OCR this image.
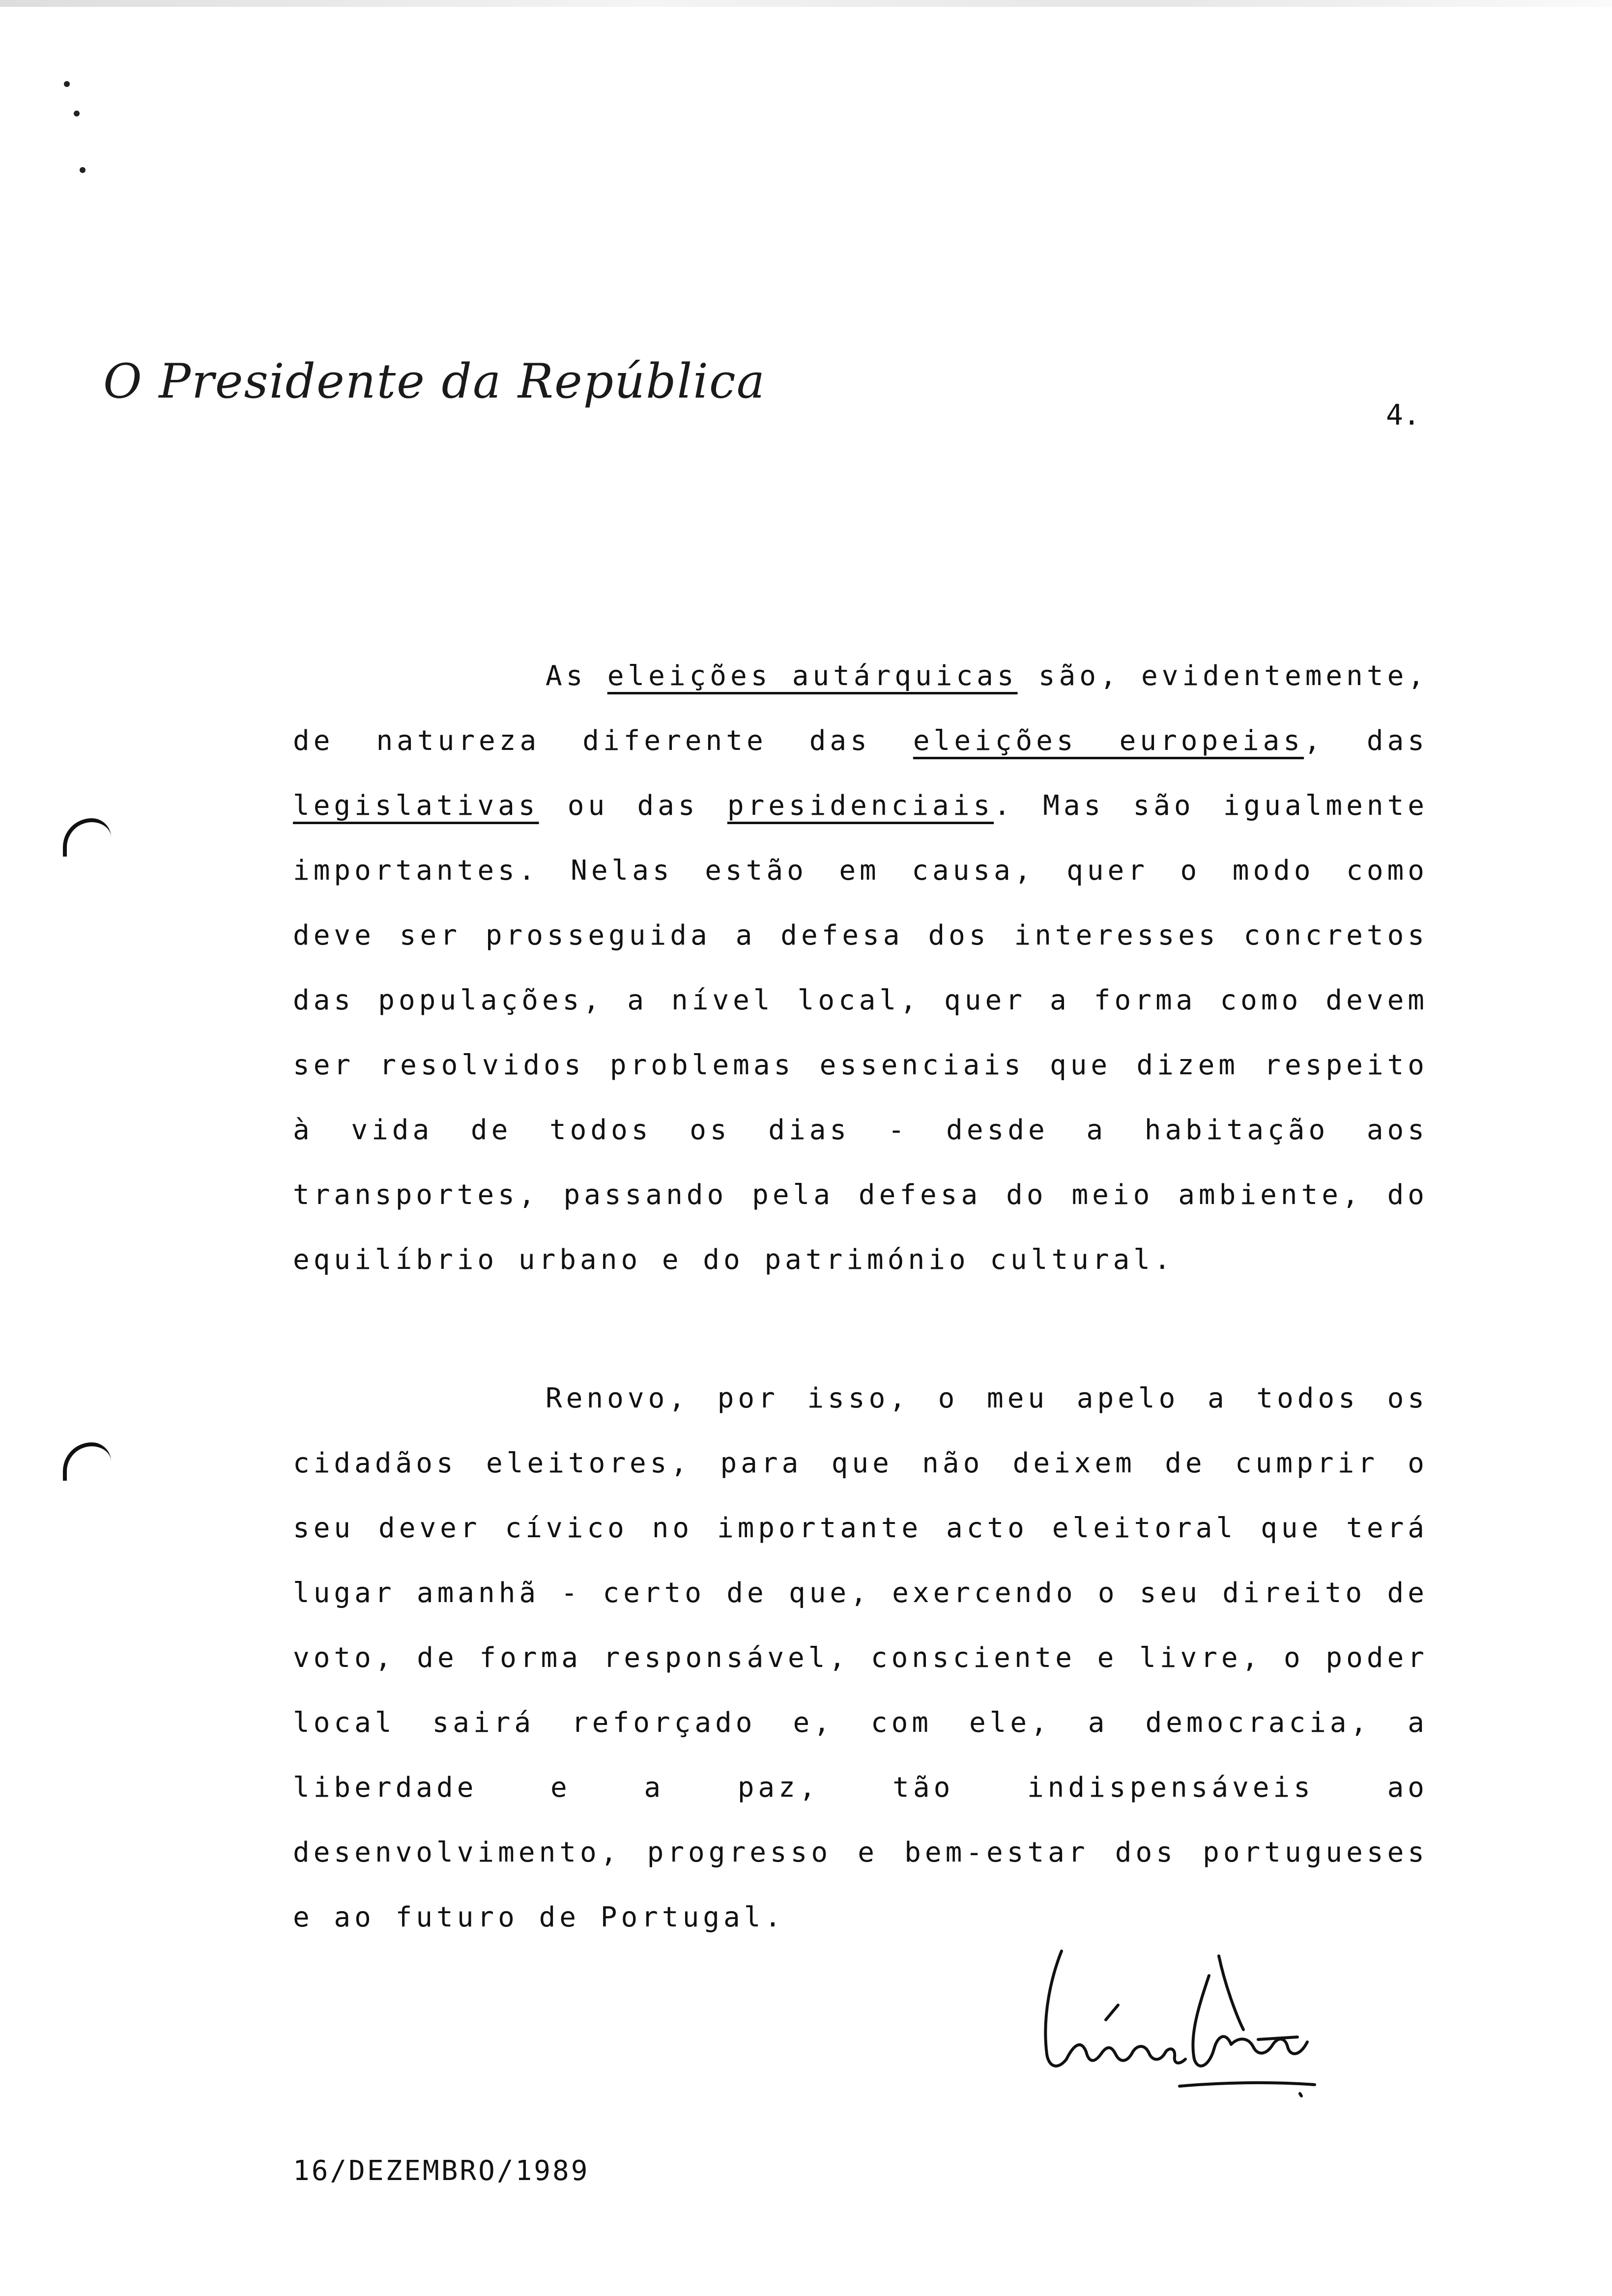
O Presidente da República
4.
As eleições autárquicas são, evidentemente, de natureza diferente das eleições europeias, das legislativas ou das presidenciais. Mas são igualmente importantes. Nelas estão em causa, quer o modo como deve ser prosseguida a defesa dos interesses concretos das populações, a nível local, quer a forma como devem ser resolvidos problemas essenciais que dizem respeito à vida de todos os dias - desde a habitação aos transportes, passando pela defesa do meio ambiente, do equilíbrio urbano e do património cultural.
Renovo, por isso, o meu apelo a todos os cidadãos eleitores, para que não deixem de cumprir o seu dever cívico no importante acto eleitoral que terá lugar amanhã - certo de que, exercendo o seu direito de voto, de forma responsável, consciente e livre, o poder local sairá reforçado e, com ele, a democracia, a liberdade e a paz, tão indispensáveis ao desenvolvimento, progresso e bem-estar dos portugueses e ao futuro de Portugal.
16/DEZEMBRO/1989
